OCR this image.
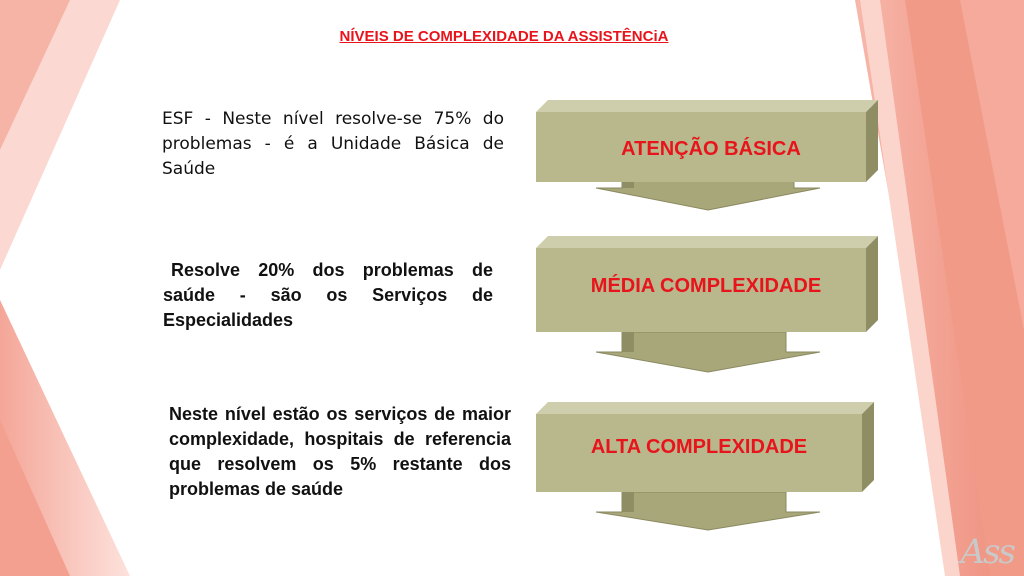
NÍVEIS DE COMPLEXIDADE DA ASSISTÊNCiA
ESF - Neste nível resolve-se 75% do problemas - é a Unidade Básica de Saúde
Resolve 20% dos problemas de saúde - são os Serviços de Especialidades
Neste nível estão os serviços de maior complexidade, hospitais de referencia que resolvem os 5% restante dos problemas de saúde
ATENÇÃO BÁSICA
MÉDIA COMPLEXIDADE
ALTA COMPLEXIDADE
Ass
